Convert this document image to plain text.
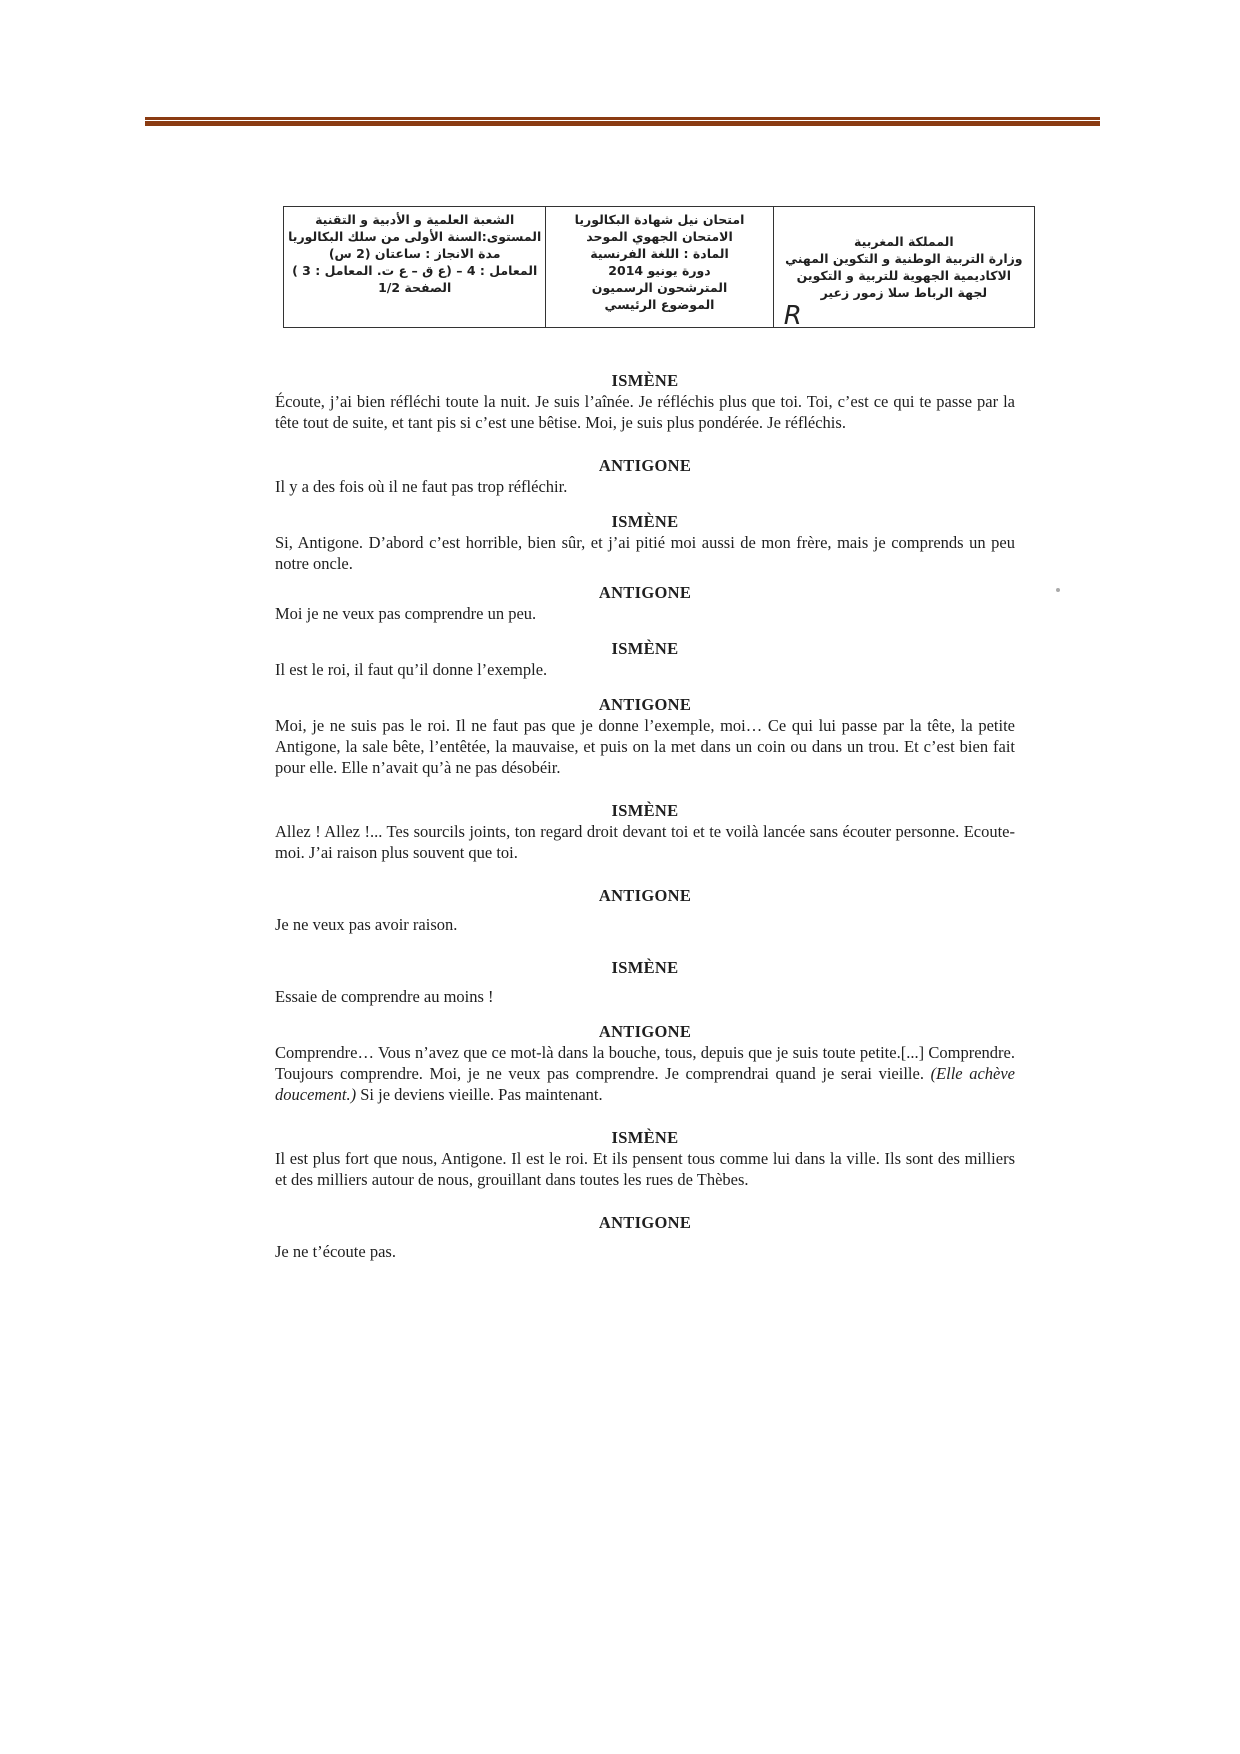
المملكة المغربية
وزارة التربية الوطنية و التكوين المهني
الاكاديمية الجهوية للتربية و التكوين
لجهة الرباط سلا زمور زعير
R
امتحان نيل شهادة البكالوريا
الامتحان الجهوي الموحد
المادة : اللغة الفرنسية
دورة يونيو 2014
المترشحون الرسميون
الموضوع الرئيسي
الشعبة العلمية و الأدبية و التقنية
المستوى:السنة الأولى من سلك البكالوريا
مدة الانجاز : ساعتان (2 س)
المعامل : 4 – (ع ق – ع ت. المعامل : 3 )
الصفحة 1/2

ISMÈNE

Écoute, j’ai bien réfléchi toute la nuit. Je suis l’aînée. Je réfléchis plus que toi. Toi, c’est ce qui te passe par la tête tout de suite, et tant pis si c’est une bêtise. Moi, je suis plus pondérée. Je réfléchis.

ANTIGONE

Il y a des fois où il ne faut pas trop réfléchir.

ISMÈNE

Si, Antigone. D’abord c’est horrible, bien sûr, et j’ai pitié moi aussi de mon frère, mais je comprends un peu notre oncle.

ANTIGONE

Moi je ne veux pas comprendre un peu.

ISMÈNE

Il est le roi, il faut qu’il donne l’exemple.

ANTIGONE

Moi, je ne suis pas le roi. Il ne faut pas que je donne l’exemple, moi… Ce qui lui passe par la tête, la petite Antigone, la sale bête, l’entêtée, la mauvaise, et puis on la met dans un coin ou dans un trou. Et c’est bien fait pour elle. Elle n’avait qu’à ne pas désobéir.

ISMÈNE

Allez ! Allez !... Tes sourcils joints, ton regard droit devant toi et te voilà lancée sans écouter personne. Ecoute-moi. J’ai raison plus souvent que toi.

ANTIGONE

Je ne veux pas avoir raison.

ISMÈNE

Essaie de comprendre au moins !

ANTIGONE

Comprendre… Vous n’avez que ce mot-là dans la bouche, tous, depuis que je suis toute petite.[...] Comprendre. Toujours comprendre. Moi, je ne veux pas comprendre. Je comprendrai quand je serai vieille. (Elle achève doucement.) Si je deviens vieille. Pas maintenant.

ISMÈNE

Il est plus fort que nous, Antigone. Il est le roi. Et ils pensent tous comme lui dans la ville. Ils sont des milliers et des milliers autour de nous, grouillant dans toutes les rues de Thèbes.

ANTIGONE

Je ne t’écoute pas.
